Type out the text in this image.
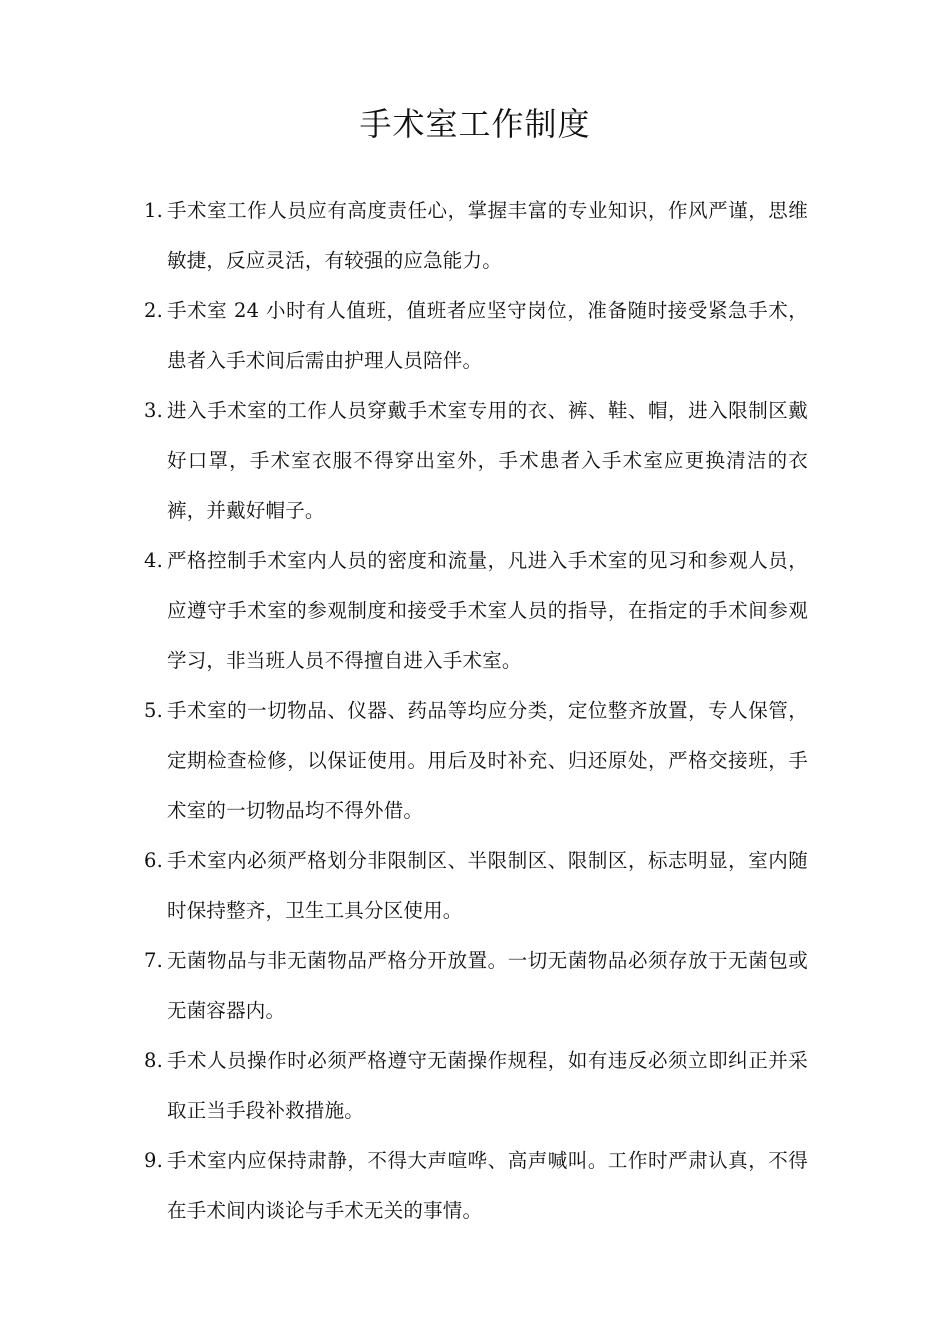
手术室工作制度
1. 手术室工作人员应有高度责任心，掌握丰富的专业知识，作风严谨，思维敏捷，反应灵活，有较强的应急能力。
2. 手术室 24 小时有人值班，值班者应坚守岗位，准备随时接受紧急手术，患者入手术间后需由护理人员陪伴。
3. 进入手术室的工作人员穿戴手术室专用的衣、裤、鞋、帽，进入限制区戴好口罩，手术室衣服不得穿出室外，手术患者入手术室应更换清洁的衣裤，并戴好帽子。
4. 严格控制手术室内人员的密度和流量，凡进入手术室的见习和参观人员，应遵守手术室的参观制度和接受手术室人员的指导，在指定的手术间参观学习，非当班人员不得擅自进入手术室。
5. 手术室的一切物品、仪器、药品等均应分类，定位整齐放置，专人保管，定期检查检修，以保证使用。用后及时补充、归还原处，严格交接班，手术室的一切物品均不得外借。
6. 手术室内必须严格划分非限制区、半限制区、限制区，标志明显，室内随时保持整齐，卫生工具分区使用。
7. 无菌物品与非无菌物品严格分开放置。一切无菌物品必须存放于无菌包或无菌容器内。
8. 手术人员操作时必须严格遵守无菌操作规程，如有违反必须立即纠正并采取正当手段补救措施。
9. 手术室内应保持肃静，不得大声喧哗、高声喊叫。工作时严肃认真，不得在手术间内谈论与手术无关的事情。
